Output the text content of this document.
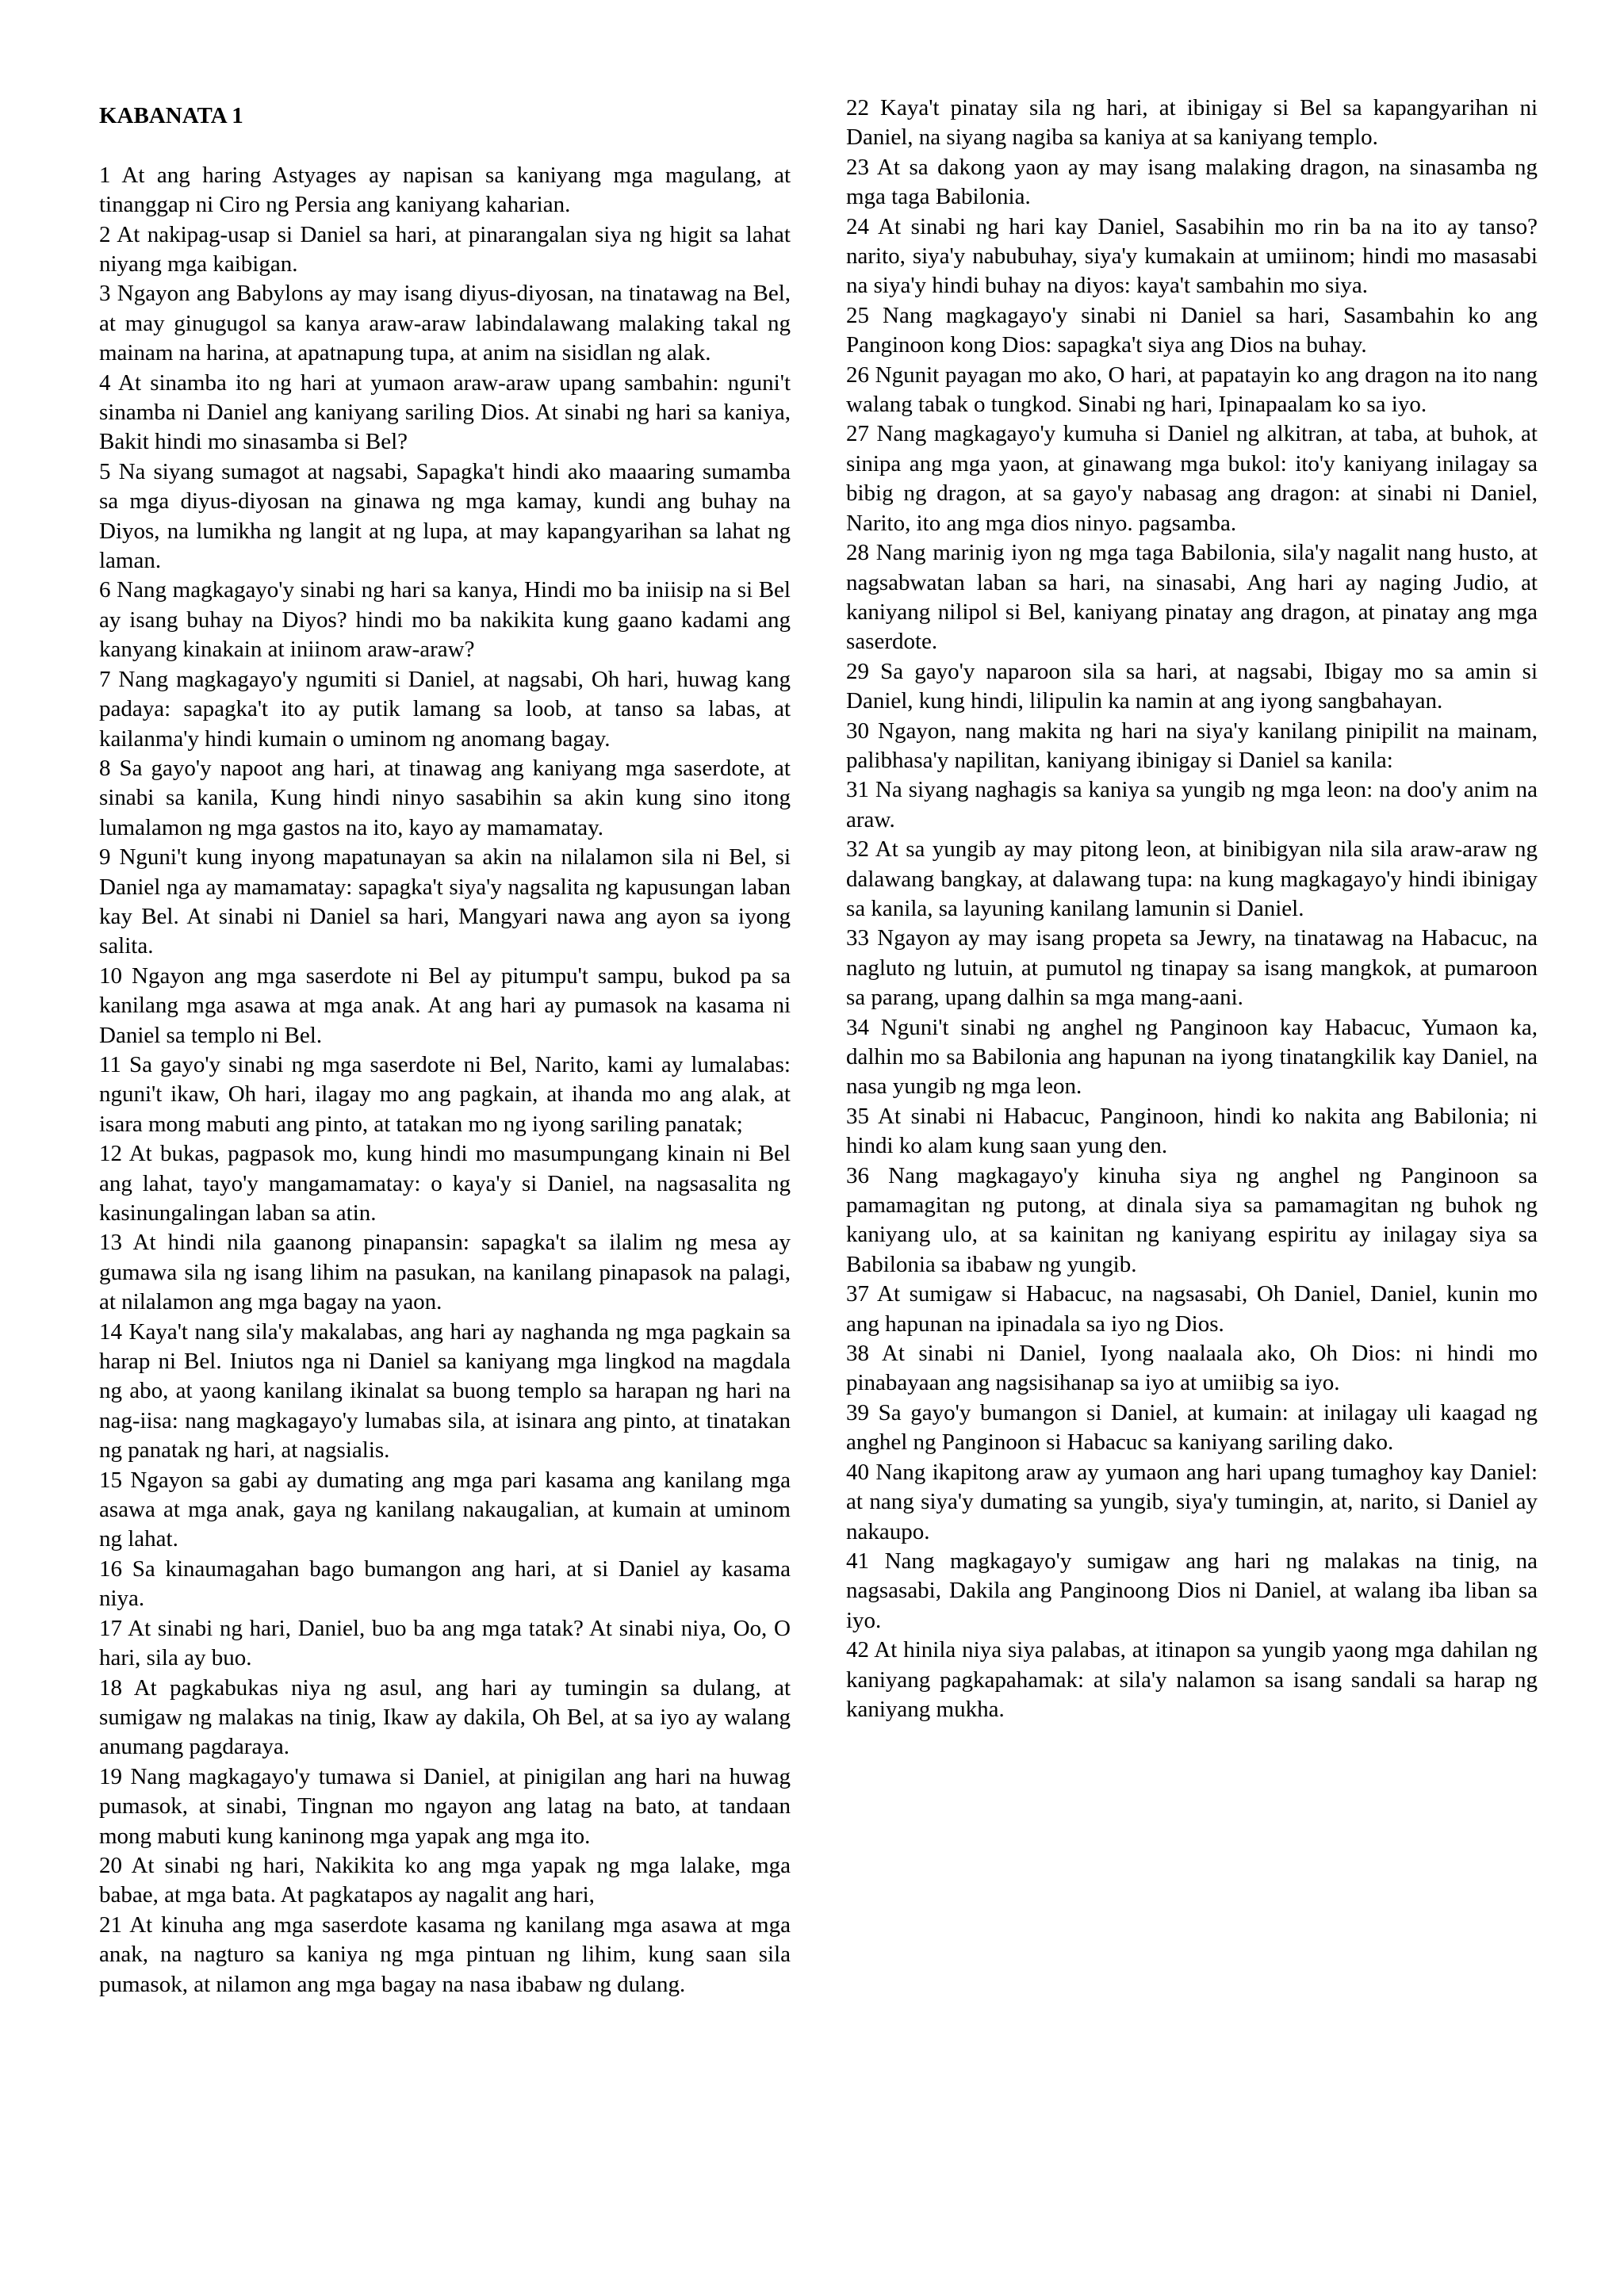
KABANATA 1

1 At ang haring Astyages ay napisan sa kaniyang mga magulang, at tinanggap ni Ciro ng Persia ang kaniyang kaharian.

2 At nakipag-usap si Daniel sa hari, at pinarangalan siya ng higit sa lahat niyang mga kaibigan.

3 Ngayon ang Babylons ay may isang diyus-diyosan, na tinatawag na Bel, at may ginugugol sa kanya araw-araw labindalawang malaking takal ng mainam na harina, at apatnapung tupa, at anim na sisidlan ng alak.

4 At sinamba ito ng hari at yumaon araw-araw upang sambahin: nguni't sinamba ni Daniel ang kaniyang sariling Dios. At sinabi ng hari sa kaniya, Bakit hindi mo sinasamba si Bel?

5 Na siyang sumagot at nagsabi, Sapagka't hindi ako maaaring sumamba sa mga diyus-diyosan na ginawa ng mga kamay, kundi ang buhay na Diyos, na lumikha ng langit at ng lupa, at may kapangyarihan sa lahat ng laman.

6 Nang magkagayo'y sinabi ng hari sa kanya, Hindi mo ba iniisip na si Bel ay isang buhay na Diyos? hindi mo ba nakikita kung gaano kadami ang kanyang kinakain at iniinom araw-araw?

7 Nang magkagayo'y ngumiti si Daniel, at nagsabi, Oh hari, huwag kang padaya: sapagka't ito ay putik lamang sa loob, at tanso sa labas, at kailanma'y hindi kumain o uminom ng anomang bagay.

8 Sa gayo'y napoot ang hari, at tinawag ang kaniyang mga saserdote, at sinabi sa kanila, Kung hindi ninyo sasabihin sa akin kung sino itong lumalamon ng mga gastos na ito, kayo ay mamamatay.

9 Nguni't kung inyong mapatunayan sa akin na nilalamon sila ni Bel, si Daniel nga ay mamamatay: sapagka't siya'y nagsalita ng kapusungan laban kay Bel. At sinabi ni Daniel sa hari, Mangyari nawa ang ayon sa iyong salita.

10 Ngayon ang mga saserdote ni Bel ay pitumpu't sampu, bukod pa sa kanilang mga asawa at mga anak. At ang hari ay pumasok na kasama ni Daniel sa templo ni Bel.

11 Sa gayo'y sinabi ng mga saserdote ni Bel, Narito, kami ay lumalabas: nguni't ikaw, Oh hari, ilagay mo ang pagkain, at ihanda mo ang alak, at isara mong mabuti ang pinto, at tatakan mo ng iyong sariling panatak;

12 At bukas, pagpasok mo, kung hindi mo masumpungang kinain ni Bel ang lahat, tayo'y mangamamatay: o kaya'y si Daniel, na nagsasalita ng kasinungalingan laban sa atin.

13 At hindi nila gaanong pinapansin: sapagka't sa ilalim ng mesa ay gumawa sila ng isang lihim na pasukan, na kanilang pinapasok na palagi, at nilalamon ang mga bagay na yaon.

14 Kaya't nang sila'y makalabas, ang hari ay naghanda ng mga pagkain sa harap ni Bel. Iniutos nga ni Daniel sa kaniyang mga lingkod na magdala ng abo, at yaong kanilang ikinalat sa buong templo sa harapan ng hari na nag-iisa: nang magkagayo'y lumabas sila, at isinara ang pinto, at tinatakan ng panatak ng hari, at nagsialis.

15 Ngayon sa gabi ay dumating ang mga pari kasama ang kanilang mga asawa at mga anak, gaya ng kanilang nakaugalian, at kumain at uminom ng lahat.

16 Sa kinaumagahan bago bumangon ang hari, at si Daniel ay kasama niya.

17 At sinabi ng hari, Daniel, buo ba ang mga tatak? At sinabi niya, Oo, O hari, sila ay buo.

18 At pagkabukas niya ng asul, ang hari ay tumingin sa dulang, at sumigaw ng malakas na tinig, Ikaw ay dakila, Oh Bel, at sa iyo ay walang anumang pagdaraya.

19 Nang magkagayo'y tumawa si Daniel, at pinigilan ang hari na huwag pumasok, at sinabi, Tingnan mo ngayon ang latag na bato, at tandaan mong mabuti kung kaninong mga yapak ang mga ito.

20 At sinabi ng hari, Nakikita ko ang mga yapak ng mga lalake, mga babae, at mga bata. At pagkatapos ay nagalit ang hari,

21 At kinuha ang mga saserdote kasama ng kanilang mga asawa at mga anak, na nagturo sa kaniya ng mga pintuan ng lihim, kung saan sila pumasok, at nilamon ang mga bagay na nasa ibabaw ng dulang.

22 Kaya't pinatay sila ng hari, at ibinigay si Bel sa kapangyarihan ni Daniel, na siyang nagiba sa kaniya at sa kaniyang templo.

23 At sa dakong yaon ay may isang malaking dragon, na sinasamba ng mga taga Babilonia.

24 At sinabi ng hari kay Daniel, Sasabihin mo rin ba na ito ay tanso? narito, siya'y nabubuhay, siya'y kumakain at umiinom; hindi mo masasabi na siya'y hindi buhay na diyos: kaya't sambahin mo siya.

25 Nang magkagayo'y sinabi ni Daniel sa hari, Sasambahin ko ang Panginoon kong Dios: sapagka't siya ang Dios na buhay.

26 Ngunit payagan mo ako, O hari, at papatayin ko ang dragon na ito nang walang tabak o tungkod. Sinabi ng hari, Ipinapaalam ko sa iyo.

27 Nang magkagayo'y kumuha si Daniel ng alkitran, at taba, at buhok, at sinipa ang mga yaon, at ginawang mga bukol: ito'y kaniyang inilagay sa bibig ng dragon, at sa gayo'y nabasag ang dragon: at sinabi ni Daniel, Narito, ito ang mga dios ninyo. pagsamba.

28 Nang marinig iyon ng mga taga Babilonia, sila'y nagalit nang husto, at nagsabwatan laban sa hari, na sinasabi, Ang hari ay naging Judio, at kaniyang nilipol si Bel, kaniyang pinatay ang dragon, at pinatay ang mga saserdote.

29 Sa gayo'y naparoon sila sa hari, at nagsabi, Ibigay mo sa amin si Daniel, kung hindi, lilipulin ka namin at ang iyong sangbahayan.

30 Ngayon, nang makita ng hari na siya'y kanilang pinipilit na mainam, palibhasa'y napilitan, kaniyang ibinigay si Daniel sa kanila:

31 Na siyang naghagis sa kaniya sa yungib ng mga leon: na doo'y anim na araw.

32 At sa yungib ay may pitong leon, at binibigyan nila sila araw-araw ng dalawang bangkay, at dalawang tupa: na kung magkagayo'y hindi ibinigay sa kanila, sa layuning kanilang lamunin si Daniel.

33 Ngayon ay may isang propeta sa Jewry, na tinatawag na Habacuc, na nagluto ng lutuin, at pumutol ng tinapay sa isang mangkok, at pumaroon sa parang, upang dalhin sa mga mang-aani.

34 Nguni't sinabi ng anghel ng Panginoon kay Habacuc, Yumaon ka, dalhin mo sa Babilonia ang hapunan na iyong tinatangkilik kay Daniel, na nasa yungib ng mga leon.

35 At sinabi ni Habacuc, Panginoon, hindi ko nakita ang Babilonia; ni hindi ko alam kung saan yung den.

36 Nang magkagayo'y kinuha siya ng anghel ng Panginoon sa pamamagitan ng putong, at dinala siya sa pamamagitan ng buhok ng kaniyang ulo, at sa kainitan ng kaniyang espiritu ay inilagay siya sa Babilonia sa ibabaw ng yungib.

37 At sumigaw si Habacuc, na nagsasabi, Oh Daniel, Daniel, kunin mo ang hapunan na ipinadala sa iyo ng Dios.

38 At sinabi ni Daniel, Iyong naalaala ako, Oh Dios: ni hindi mo pinabayaan ang nagsisihanap sa iyo at umiibig sa iyo.

39 Sa gayo'y bumangon si Daniel, at kumain: at inilagay uli kaagad ng anghel ng Panginoon si Habacuc sa kaniyang sariling dako.

40 Nang ikapitong araw ay yumaon ang hari upang tumaghoy kay Daniel: at nang siya'y dumating sa yungib, siya'y tumingin, at, narito, si Daniel ay nakaupo.

41 Nang magkagayo'y sumigaw ang hari ng malakas na tinig, na nagsasabi, Dakila ang Panginoong Dios ni Daniel, at walang iba liban sa iyo.

42 At hinila niya siya palabas, at itinapon sa yungib yaong mga dahilan ng kaniyang pagkapahamak: at sila'y nalamon sa isang sandali sa harap ng kaniyang mukha.
